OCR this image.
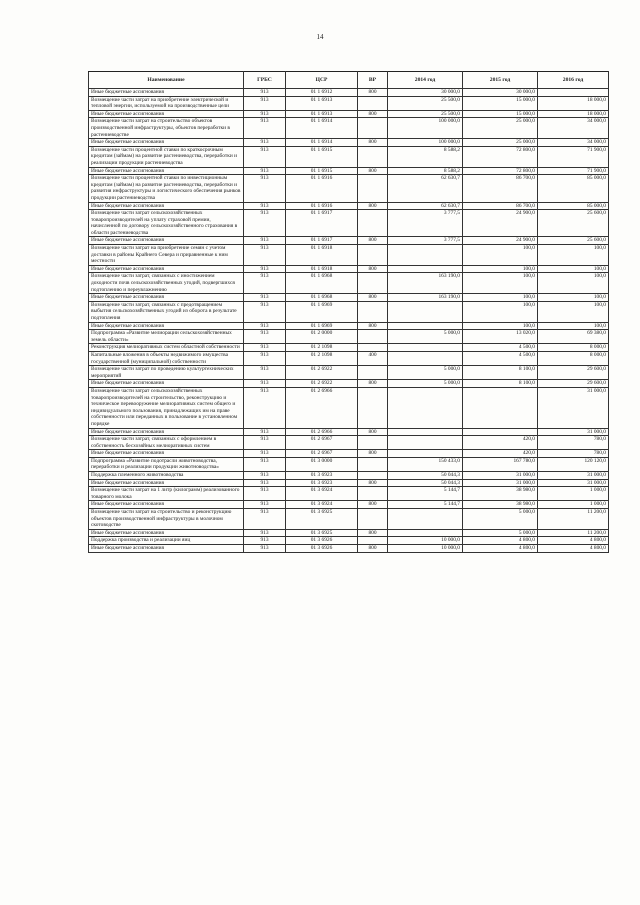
14
Наименование	ГРБС	ЦСР	ВР	2014 год	2015 год	2016 год
Иные бюджетные ассигнования	913	01 1 6912	800	30 000,0	30 000,0	
Возмещение части затрат на приобретение электрической и тепловой энергии, используемой на производственные цели	913	01 1 6913		25 500,0	15 000,0	18 000,0
Иные бюджетные ассигнования	913	01 1 6913	800	25 500,0	15 000,0	18 000,0
Возмещение части затрат на строительство объектов производственной инфраструктуры, объектов переработки в растениеводстве	913	01 1 6914		100 000,0	25 000,0	34 000,0
Иные бюджетные ассигнования	913	01 1 6914	800	100 000,0	25 000,0	34 000,0
Возмещение части процентной ставки по краткосрочным кредитам (займам) на развитие растениеводства, переработки и реализации продукции растениеводства	913	01 1 6915		8 588,2	72 800,0	71 900,0
Иные бюджетные ассигнования	913	01 1 6915	800	8 588,2	72 800,0	71 900,0
Возмещение части процентной ставки по инвестиционным кредитам (займам) на развитие растениеводства, переработки и развития инфраструктуры и логистического обеспечения рынков продукции растениеводства	913	01 1 6916		62 630,7	86 700,0	85 000,0
Иные бюджетные ассигнования	913	01 1 6916	800	62 630,7	86 700,0	85 000,0
Возмещение части затрат сельскохозяйственных товаропроизводителей на уплату страховой премии, начисленной по договору сельскохозяйственного страхования в области растениеводства	913	01 1 6917		3 777,5	24 900,0	25 600,0
Иные бюджетные ассигнования	913	01 1 6917	800	3 777,5	24 900,0	25 600,0
Возмещение части затрат на приобретение семян с учетом доставки в районы Крайнего Севера и приравненные к ним местности	913	01 1 6918			100,0	100,0
Иные бюджетные ассигнования	913	01 1 6918	800		100,0	100,0
Возмещение части затрат, связанных с иностижением доходности почв сельскохозяйственных угодий, подвергшихся подтоплению и переувлажнению	913	01 1 6968		163 190,0	100,0	100,0
Иные бюджетные ассигнования	913	01 1 6968	800	163 190,0	100,0	100,0
Возмещение части затрат, связанных с предотвращением выбытия сельскохозяйственных угодий из оборота в результате подтопления	913	01 1 6969			100,0	100,0
Иные бюджетные ассигнования	913	01 1 6969	800		100,0	100,0
Подпрограмма «Развитие мелиорации сельскохозяйственных земель области»	913	01 2 0000		5 000,0	13 020,0	69 380,0
Реконструкция мелиоративных систем областной собственности	913	01 2 1098			4 500,0	8 000,0
Капитальные вложения в объекты недвижимого имущества государственной (муниципальной) собственности	913	01 2 1098	400		4 500,0	8 000,0
Возмещение части затрат по проведению культуртехнических мероприятий	913	01 2 6922		5 000,0	8 100,0	29 600,0
Иные бюджетные ассигнования	913	01 2 6922	800	5 000,0	8 100,0	29 600,0
Возмещение части затрат сельскохозяйственных товаропроизводителей на строительство, реконструкцию и техническое перевооружение мелиоративных систем общего и индивидуального пользования, принадлежащих им на праве собственности или переданных в пользование в установленном порядке	913	01 2 6966				31 000,0
Иные бюджетные ассигнования	913	01 2 6966	800			31 000,0
Возмещение части затрат, связанных с оформлением в собственность бесхозяйных мелиоративных систем	913	01 2 6967			420,0	780,0
Иные бюджетные ассигнования	913	01 2 6967	800		420,0	780,0
Подпрограмма «Развитие подотрасли животноводства, переработки и реализации продукции животноводства»	913	01 3 0000		150 433,0	167 780,0	120 120,0
Поддержка племенного животноводства	913	01 3 6923		50 044,3	31 000,0	31 000,0
Иные бюджетные ассигнования	913	01 3 6923	800	50 044,3	31 000,0	31 000,0
Возмещение части затрат на 1 литр (килограмм) реализованного товарного молока	913	01 3 6924		5 144,7	38 980,0	1 000,0
Иные бюджетные ассигнования	913	01 3 6924	800	5 144,7	38 980,0	1 000,0
Возмещение части затрат на строительство и реконструкцию объектов производственной инфраструктуры в молочном скотоводстве	913	01 3 6925			5 000,0	11 200,0
Иные бюджетные ассигнования	913	01 3 6925	800		5 000,0	11 200,0
Поддержка производства и реализации яиц	913	01 3 6926		10 000,0	4 800,0	4 800,0
Иные бюджетные ассигнования	913	01 3 6926	800	10 000,0	4 800,0	4 800,0
